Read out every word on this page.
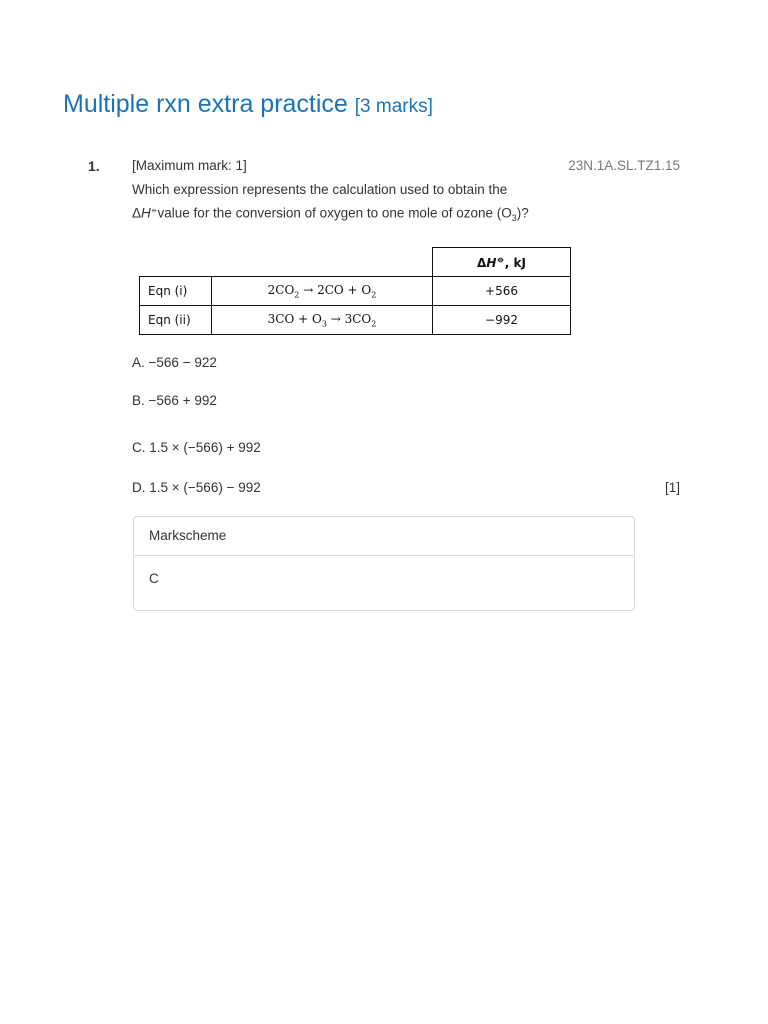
Multiple rxn extra practice [3 marks]
1. [Maximum mark: 1]	23N.1A.SL.TZ1.15
Which expression represents the calculation used to obtain the
ΔH⦵value for the conversion of oxygen to one mole of ozone $(O_3)$?
		ΔH⦵, kJ
Eqn (i)	$2CO_2 \to 2CO + O_2$	+566
Eqn (ii)	$3CO + O_3 \to 3CO_2$	−992
A. −566 − 922
B. −566 + 992
C. 1.5 × (−566) + 992
D. 1.5 × (−566) − 992	[1]
Markscheme
C
